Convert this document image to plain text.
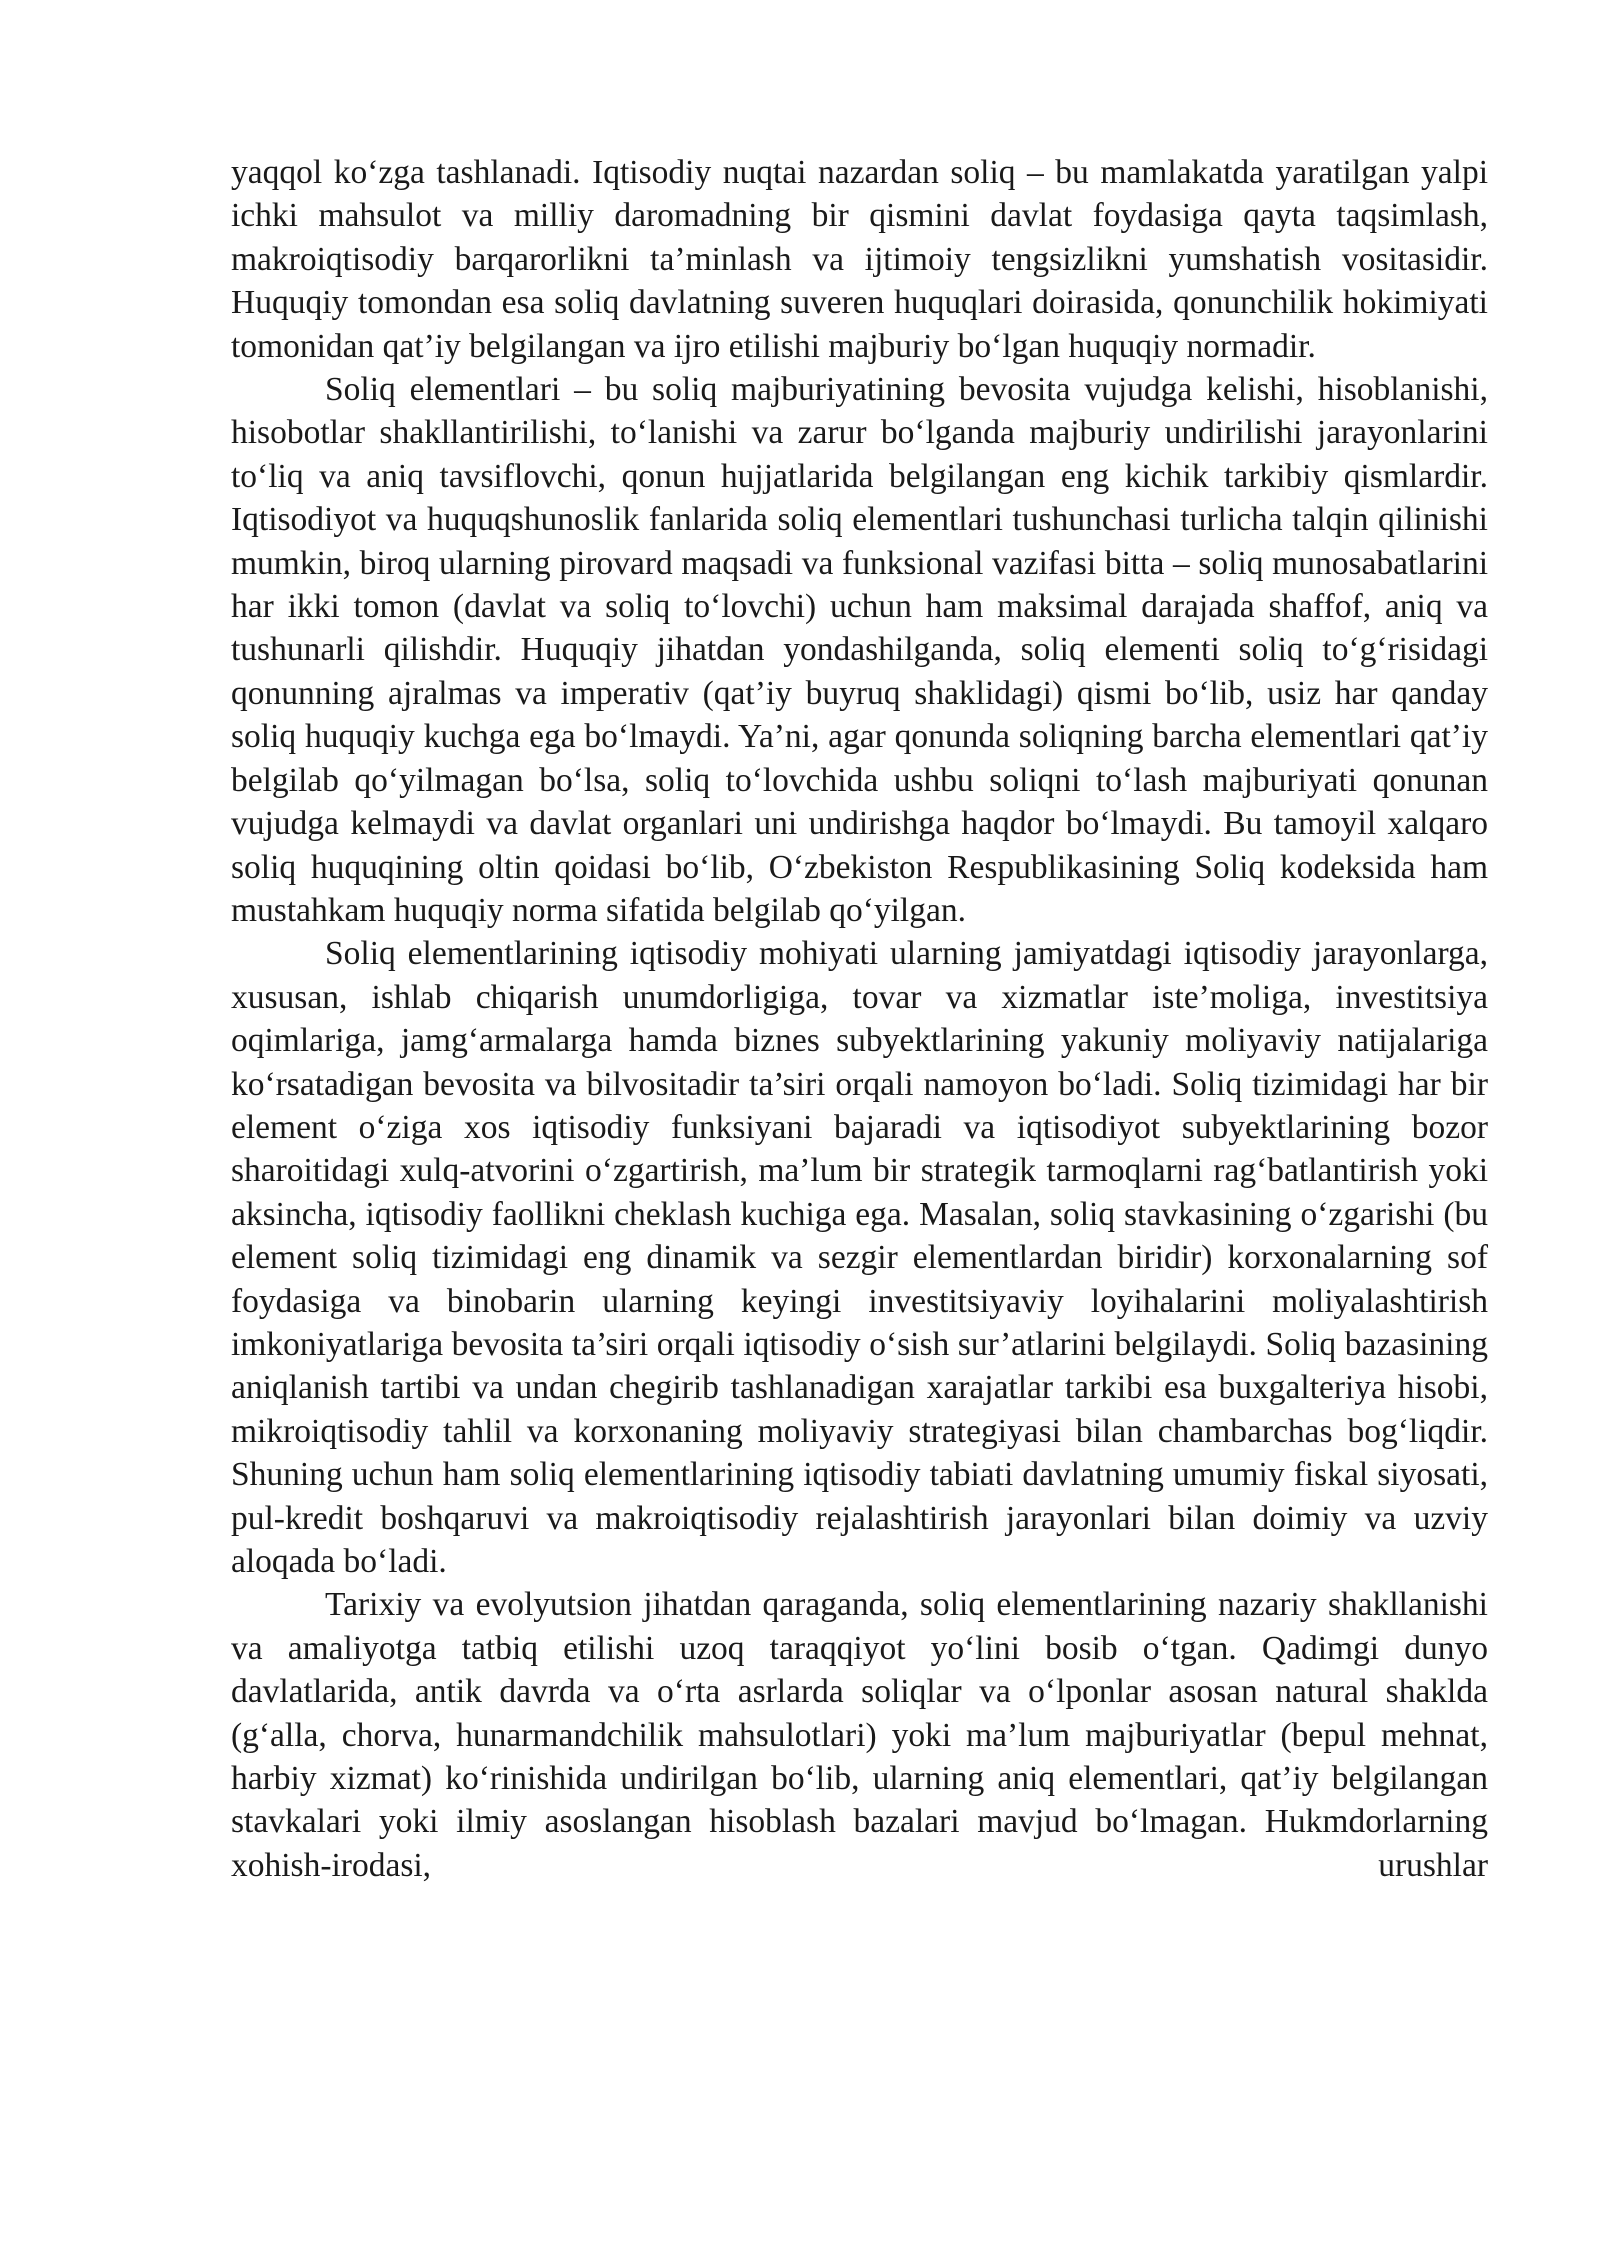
yaqqol ko‘zga tashlanadi. Iqtisodiy nuqtai nazardan soliq – bu mamlakatda yaratilgan yalpi ichki mahsulot va milliy daromadning bir qismini davlat foydasiga qayta taqsimlash, makroiqtisodiy barqarorlikni ta’minlash va ijtimoiy tengsizlikni yumshatish vositasidir. Huquqiy tomondan esa soliq davlatning suveren huquqlari doirasida, qonunchilik hokimiyati tomonidan qat’iy belgilangan va ijro etilishi majburiy bo‘lgan huquqiy normadir.

Soliq elementlari – bu soliq majburiyatining bevosita vujudga kelishi, hisoblanishi, hisobotlar shakllantirilishi, to‘lanishi va zarur bo‘lganda majburiy undirilishi jarayonlarini to‘liq va aniq tavsiflovchi, qonun hujjatlarida belgilangan eng kichik tarkibiy qismlardir. Iqtisodiyot va huquqshunoslik fanlarida soliq elementlari tushunchasi turlicha talqin qilinishi mumkin, biroq ularning pirovard maqsadi va funksional vazifasi bitta – soliq munosabatlarini har ikki tomon (davlat va soliq to‘lovchi) uchun ham maksimal darajada shaffof, aniq va tushunarli qilishdir. Huquqiy jihatdan yondashilganda, soliq elementi soliq to‘g‘risidagi qonunning ajralmas va imperativ (qat’iy buyruq shaklidagi) qismi bo‘lib, usiz har qanday soliq huquqiy kuchga ega bo‘lmaydi. Ya’ni, agar qonunda soliqning barcha elementlari qat’iy belgilab qo‘yilmagan bo‘lsa, soliq to‘lovchida ushbu soliqni to‘lash majburiyati qonunan vujudga kelmaydi va davlat organlari uni undirishga haqdor bo‘lmaydi. Bu tamoyil xalqaro soliq huquqining oltin qoidasi bo‘lib, O‘zbekiston Respublikasining Soliq kodeksida ham mustahkam huquqiy norma sifatida belgilab qo‘yilgan.

Soliq elementlarining iqtisodiy mohiyati ularning jamiyatdagi iqtisodiy jarayonlarga, xususan, ishlab chiqarish unumdorligiga, tovar va xizmatlar iste’moliga, investitsiya oqimlariga, jamg‘armalarga hamda biznes subyektlarining yakuniy moliyaviy natijalariga ko‘rsatadigan bevosita va bilvositadir ta’siri orqali namoyon bo‘ladi. Soliq tizimidagi har bir element o‘ziga xos iqtisodiy funksiyani bajaradi va iqtisodiyot subyektlarining bozor sharoitidagi xulq-atvorini o‘zgartirish, ma’lum bir strategik tarmoqlarni rag‘batlantirish yoki aksincha, iqtisodiy faollikni cheklash kuchiga ega. Masalan, soliq stavkasining o‘zgarishi (bu element soliq tizimidagi eng dinamik va sezgir elementlardan biridir) korxonalarning sof foydasiga va binobarin ularning keyingi investitsiyaviy loyihalarini moliyalashtirish imkoniyatlariga bevosita ta’siri orqali iqtisodiy o‘sish sur’atlarini belgilaydi. Soliq bazasining aniqlanish tartibi va undan chegirib tashlanadigan xarajatlar tarkibi esa buxgalteriya hisobi, mikroiqtisodiy tahlil va korxonaning moliyaviy strategiyasi bilan chambarchas bog‘liqdir. Shuning uchun ham soliq elementlarining iqtisodiy tabiati davlatning umumiy fiskal siyosati, pul-kredit boshqaruvi va makroiqtisodiy rejalashtirish jarayonlari bilan doimiy va uzviy aloqada bo‘ladi.

Tarixiy va evolyutsion jihatdan qaraganda, soliq elementlarining nazariy shakllanishi va amaliyotga tatbiq etilishi uzoq taraqqiyot yo‘lini bosib o‘tgan. Qadimgi dunyo davlatlarida, antik davrda va o‘rta asrlarda soliqlar va o‘lponlar asosan natural shaklda (g‘alla, chorva, hunarmandchilik mahsulotlari) yoki ma’lum majburiyatlar (bepul mehnat, harbiy xizmat) ko‘rinishida undirilgan bo‘lib, ularning aniq elementlari, qat’iy belgilangan stavkalari yoki ilmiy asoslangan hisoblash bazalari mavjud bo‘lmagan. Hukmdorlarning xohish-irodasi, urushlar
